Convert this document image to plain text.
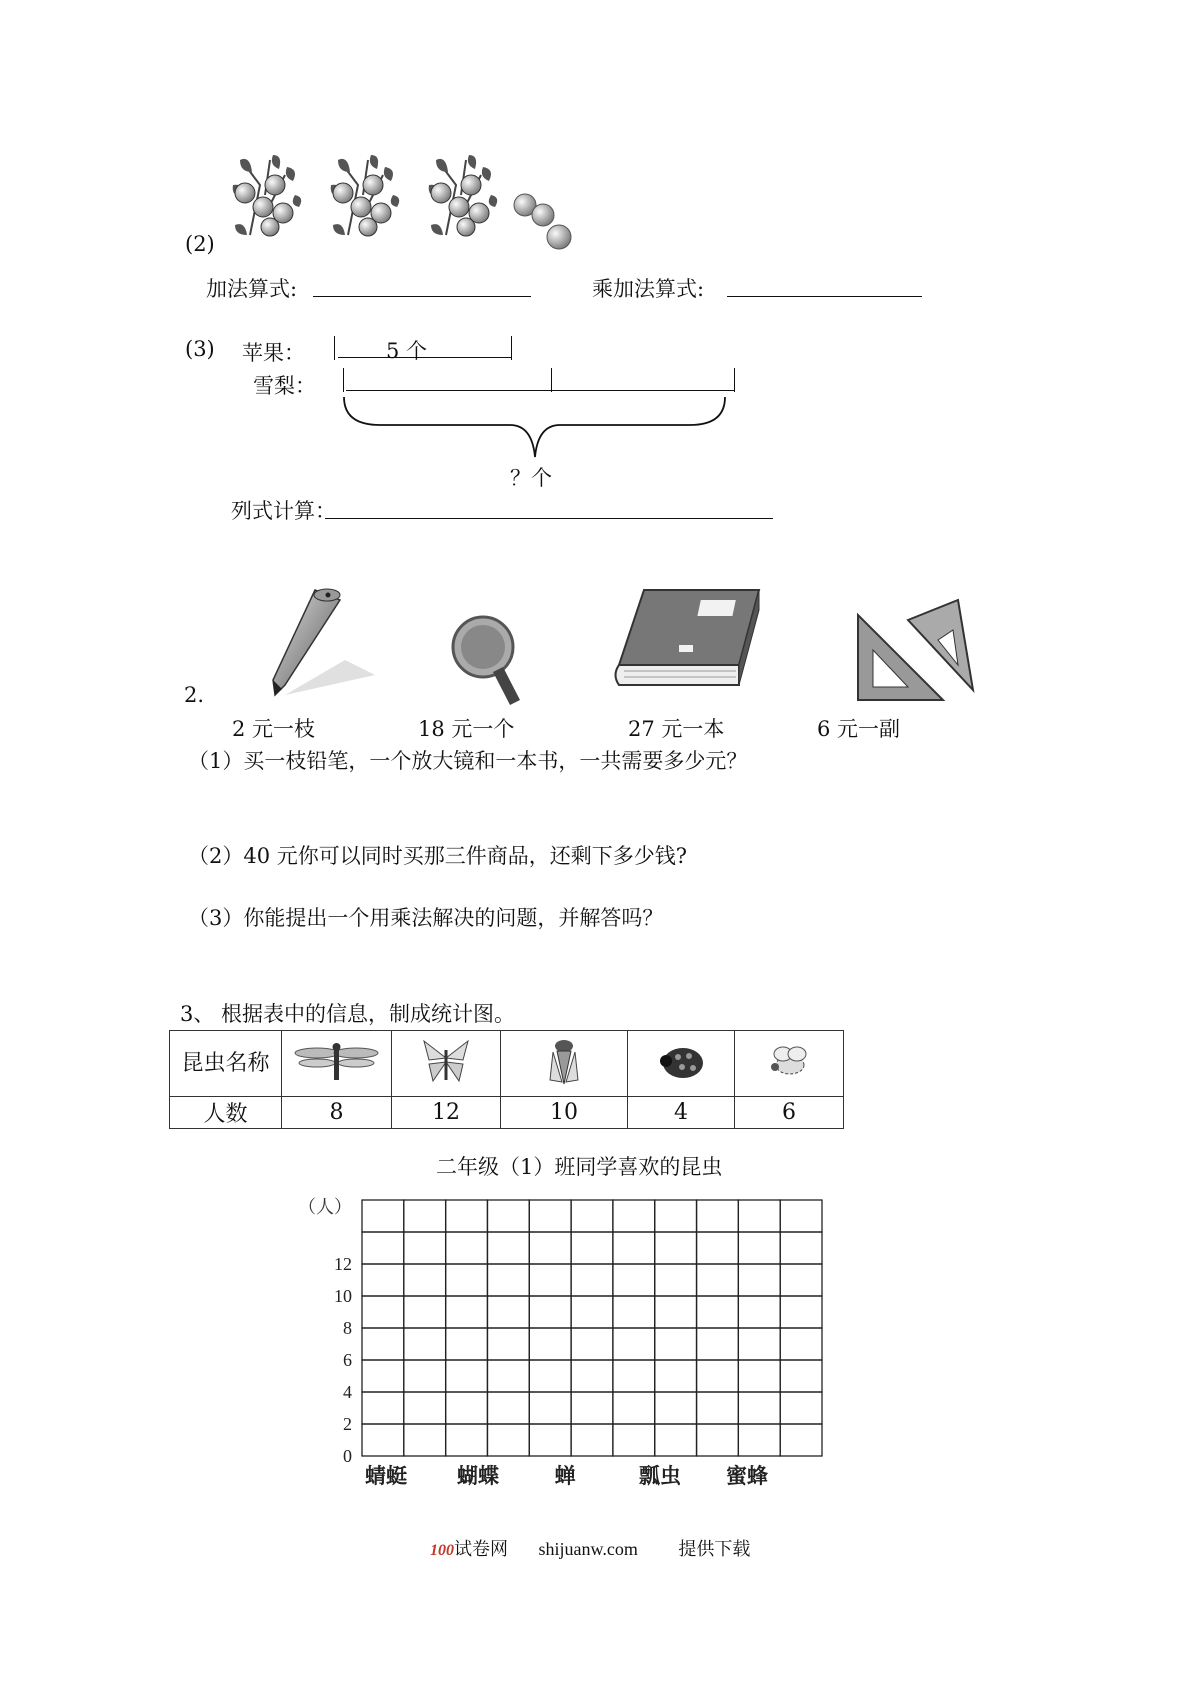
(2)
加法算式:	乘加法算式:
(3) 苹果：	5 个
雪梨：
？个
列式计算：
2.
2 元一枝	18 元一个	27 元一本	6 元一副
（1）买一枝铅笔，一个放大镜和一本书，一共需要多少元？
（2）40 元你可以同时买那三件商品，还剩下多少钱?
（3）你能提出一个用乘法解决的问题，并解答吗？
3、 根据表中的信息，制成统计图。
昆虫名称					
人数	8	12	10	4	6
二年级（1）班同学喜欢的昆虫
0
2
4
6
8
10
12
蜻蜓 蝴蝶	蝉	瓢虫 蜜蜂
（人）
100试卷网 shijuanw.com 提供下载
